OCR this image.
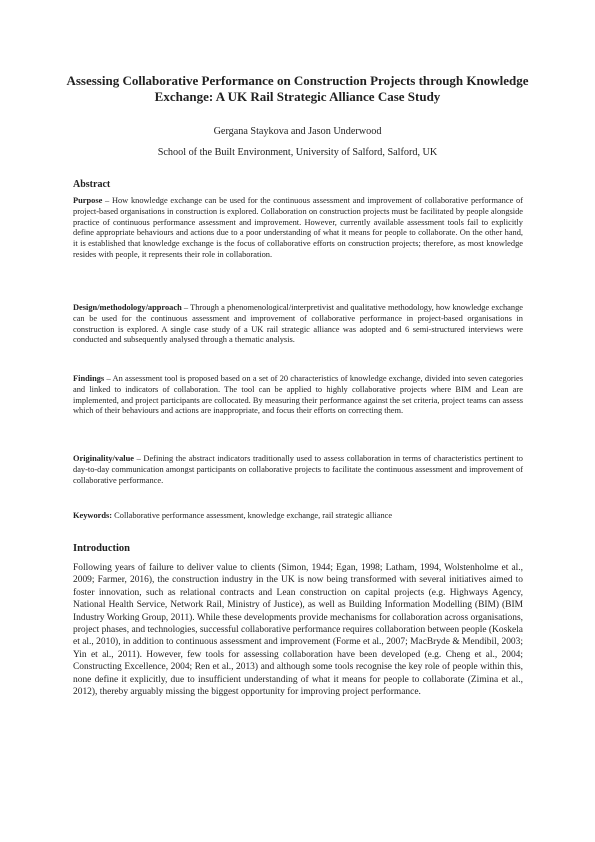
Assessing Collaborative Performance on Construction Projects through Knowledge Exchange: A UK Rail Strategic Alliance Case Study
Gergana Staykova and Jason Underwood
School of the Built Environment, University of Salford, Salford, UK
Abstract
Purpose – How knowledge exchange can be used for the continuous assessment and improvement of collaborative performance of project-based organisations in construction is explored. Collaboration on construction projects must be facilitated by people alongside practice of continuous performance assessment and improvement. However, currently available assessment tools fail to explicitly define appropriate behaviours and actions due to a poor understanding of what it means for people to collaborate. On the other hand, it is established that knowledge exchange is the focus of collaborative efforts on construction projects; therefore, as most knowledge resides with people, it represents their role in collaboration.
Design/methodology/approach – Through a phenomenological/interpretivist and qualitative methodology, how knowledge exchange can be used for the continuous assessment and improvement of collaborative performance in project-based organisations in construction is explored. A single case study of a UK rail strategic alliance was adopted and 6 semi-structured interviews were conducted and subsequently analysed through a thematic analysis.
Findings – An assessment tool is proposed based on a set of 20 characteristics of knowledge exchange, divided into seven categories and linked to indicators of collaboration. The tool can be applied to highly collaborative projects where BIM and Lean are implemented, and project participants are collocated. By measuring their performance against the set criteria, project teams can assess which of their behaviours and actions are inappropriate, and focus their efforts on correcting them.
Originality/value – Defining the abstract indicators traditionally used to assess collaboration in terms of characteristics pertinent to day-to-day communication amongst participants on collaborative projects to facilitate the continuous assessment and improvement of collaborative performance.
Keywords: Collaborative performance assessment, knowledge exchange, rail strategic alliance
Introduction
Following years of failure to deliver value to clients (Simon, 1944; Egan, 1998; Latham, 1994, Wolstenholme et al., 2009; Farmer, 2016), the construction industry in the UK is now being transformed with several initiatives aimed to foster innovation, such as relational contracts and Lean construction on capital projects (e.g. Highways Agency, National Health Service, Network Rail, Ministry of Justice), as well as Building Information Modelling (BIM) (BIM Industry Working Group, 2011). While these developments provide mechanisms for collaboration across organisations, project phases, and technologies, successful collaborative performance requires collaboration between people (Koskela et al., 2010), in addition to continuous assessment and improvement (Forme et al., 2007; MacBryde & Mendibil, 2003; Yin et al., 2011). However, few tools for assessing collaboration have been developed (e.g. Cheng et al., 2004; Constructing Excellence, 2004; Ren et al., 2013) and although some tools recognise the key role of people within this, none define it explicitly, due to insufficient understanding of what it means for people to collaborate (Zimina et al., 2012), thereby arguably missing the biggest opportunity for improving project performance.
